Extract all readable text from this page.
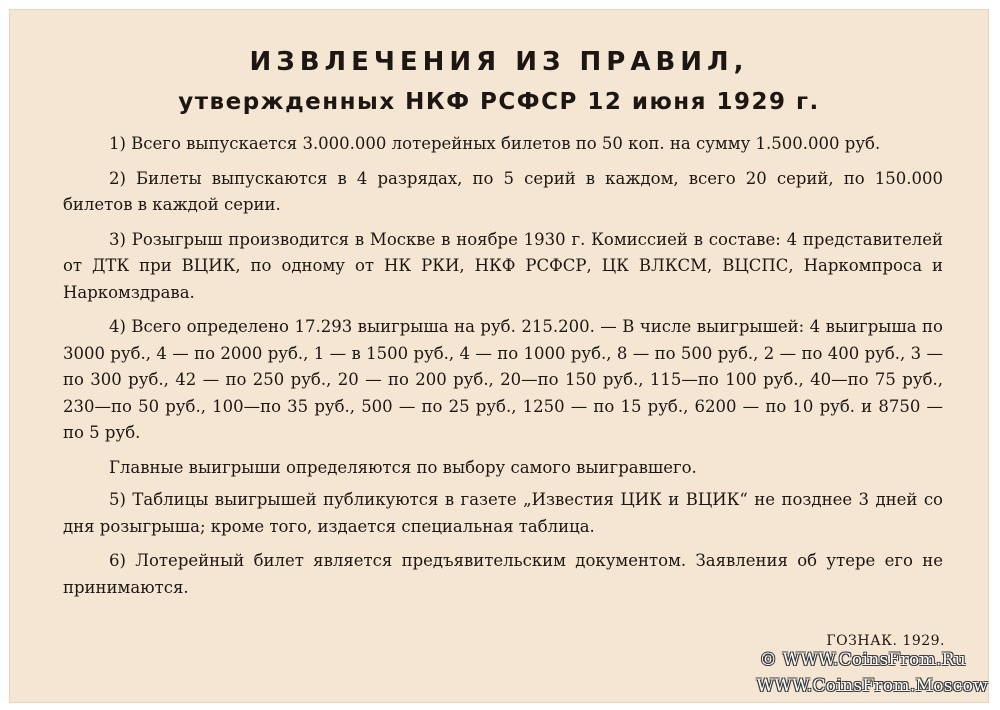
ИЗВЛЕЧЕНИЯ ИЗ ПРАВИЛ,
утвержденных НКФ РСФСР 12 июня 1929 г.

1) Всего выпускается 3.000.000 лотерейных билетов по 50 коп. на сумму 1.500.000 руб.

2) Билеты выпускаются в 4 разрядах, по 5 серий в каждом, всего 20 серий, по 150.000 билетов в каждой серии.

3) Розыгрыш производится в Москве в ноябре 1930 г. Комиссией в составе: 4 представителей от ДТК при ВЦИК, по одному от НК РКИ, НКФ РСФСР, ЦК ВЛКСМ, ВЦСПС, Наркомпроса и Наркомздрава.

4) Всего определено 17.293 выигрыша на руб. 215.200. — В числе выигрышей: 4 выигрыша по 3000 руб., 4 — по 2000 руб., 1 — в 1500 руб., 4 — по 1000 руб., 8 — по 500 руб., 2 — по 400 руб., 3 — по 300 руб., 42 — по 250 руб., 20 — по 200 руб., 20—по 150 руб., 115—по 100 руб., 40—по 75 руб., 230—по 50 руб., 100—по 35 руб., 500 — по 25 руб., 1250 — по 15 руб., 6200 — по 10 руб. и 8750 — по 5 руб.

Главные выигрыши определяются по выбору самого выигравшего.

5) Таблицы выигрышей публикуются в газете „Известия ЦИК и ВЦИК“ не позднее 3 дней со дня розыгрыша; кроме того, издается специальная таблица.

6) Лотерейный билет является предъявительским документом. Заявления об утере его не принимаются.

ГОЗНАК. 1929.
© WWW.CoinsFrom.Ru
WWW.CoinsFrom.Moscow
